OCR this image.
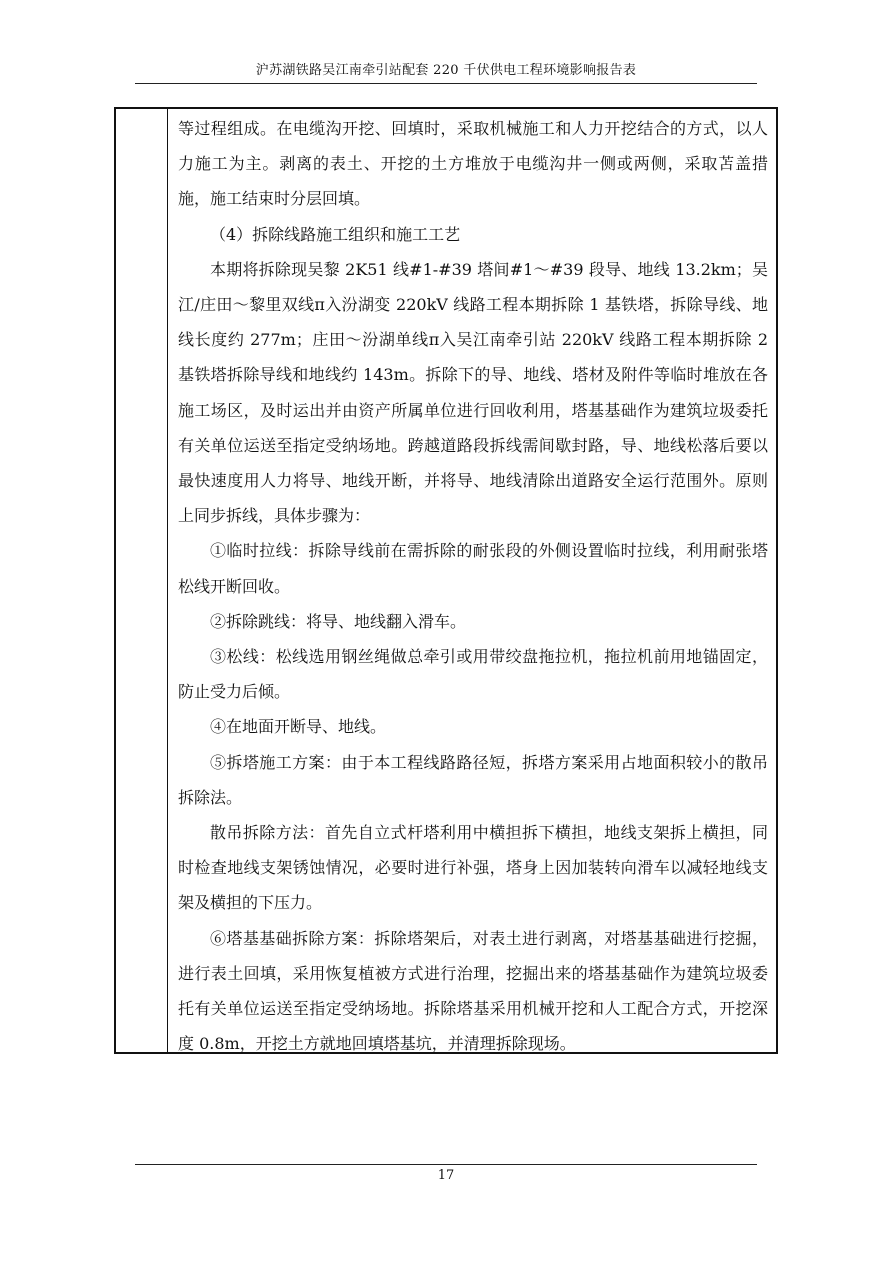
沪苏湖铁路吴江南牵引站配套 220 千伏供电工程环境影响报告表

等过程组成。在电缆沟开挖、回填时，采取机械施工和人力开挖结合的方式，以人力施工为主。剥离的表土、开挖的土方堆放于电缆沟井一侧或两侧，采取苫盖措施，施工结束时分层回填。

（4）拆除线路施工组织和施工工艺

本期将拆除现吴黎 2K51 线#1-#39 塔间#1～#39 段导、地线 13.2km；吴江/庄田～黎里双线π入汾湖变 220kV 线路工程本期拆除 1 基铁塔，拆除导线、地线长度约 277m；庄田～汾湖单线π入吴江南牵引站 220kV 线路工程本期拆除 2 基铁塔拆除导线和地线约 143m。拆除下的导、地线、塔材及附件等临时堆放在各施工场区，及时运出并由资产所属单位进行回收利用，塔基基础作为建筑垃圾委托有关单位运送至指定受纳场地。跨越道路段拆线需间歇封路，导、地线松落后要以最快速度用人力将导、地线开断，并将导、地线清除出道路安全运行范围外。原则上同步拆线，具体步骤为：

①临时拉线：拆除导线前在需拆除的耐张段的外侧设置临时拉线，利用耐张塔松线开断回收。

②拆除跳线：将导、地线翻入滑车。

③松线：松线选用钢丝绳做总牵引或用带绞盘拖拉机，拖拉机前用地锚固定，防止受力后倾。

④在地面开断导、地线。

⑤拆塔施工方案：由于本工程线路路径短，拆塔方案采用占地面积较小的散吊拆除法。

散吊拆除方法：首先自立式杆塔利用中横担拆下横担，地线支架拆上横担，同时检查地线支架锈蚀情况，必要时进行补强，塔身上因加装转向滑车以减轻地线支架及横担的下压力。

⑥塔基基础拆除方案：拆除塔架后，对表土进行剥离，对塔基基础进行挖掘，进行表土回填，采用恢复植被方式进行治理，挖掘出来的塔基基础作为建筑垃圾委托有关单位运送至指定受纳场地。拆除塔基采用机械开挖和人工配合方式，开挖深度 0.8m，开挖土方就地回填塔基坑，并清理拆除现场。

17
